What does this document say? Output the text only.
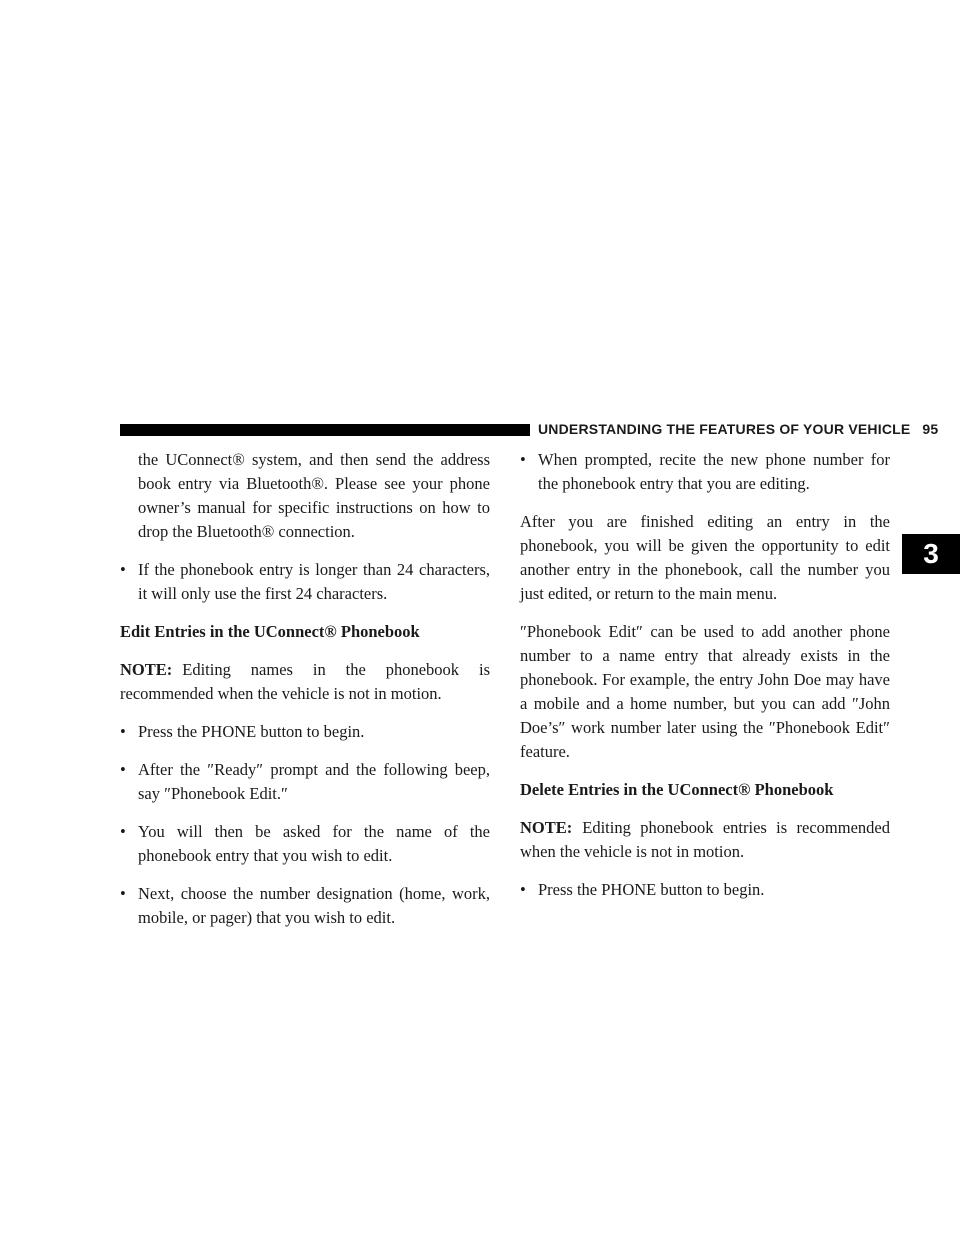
UNDERSTANDING THE FEATURES OF YOUR VEHICLE 95
3

the UConnect® system, and then send the address book entry via Bluetooth®. Please see your phone owner’s manual for specific instructions on how to drop the Bluetooth® connection.

• If the phonebook entry is longer than 24 characters, it will only use the first 24 characters.
Edit Entries in the UConnect® Phonebook

NOTE: Editing names in the phonebook is recommended when the vehicle is not in motion.

• Press the PHONE button to begin.
• After the ″Ready″ prompt and the following beep, say ″Phonebook Edit.″
• You will then be asked for the name of the phonebook entry that you wish to edit.
• Next, choose the number designation (home, work, mobile, or pager) that you wish to edit.
• When prompted, recite the new phone number for the phonebook entry that you are editing.

After you are finished editing an entry in the phonebook, you will be given the opportunity to edit another entry in the phonebook, call the number you just edited, or return to the main menu.

″Phonebook Edit″ can be used to add another phone number to a name entry that already exists in the phonebook. For example, the entry John Doe may have a mobile and a home number, but you can add ″John Doe’s″ work number later using the ″Phonebook Edit″ feature.

Delete Entries in the UConnect® Phonebook

NOTE: Editing phonebook entries is recommended when the vehicle is not in motion.

• Press the PHONE button to begin.
